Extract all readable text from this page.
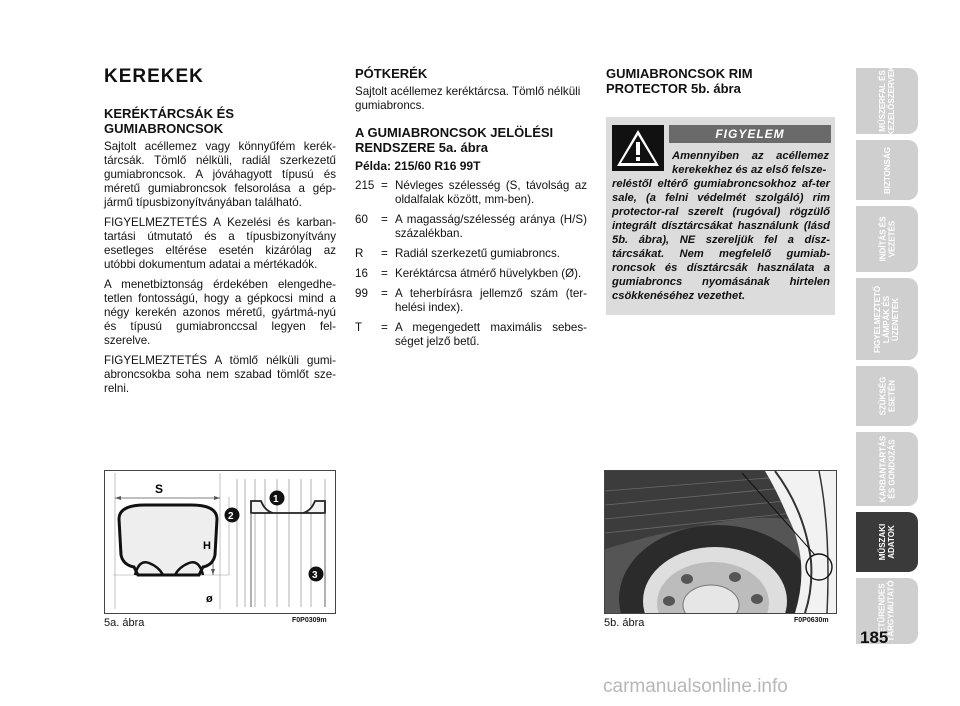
KEREKEK
KERÉKTÁRCSÁK ÉS GUMIABRONCSOK

Sajtolt acéllemez vagy könnyűfém kerék-tárcsák. Tömlő nélküli, radiál szerkezetű gumiabroncsok. A jóváhagyott típusú és méretű gumiabroncsok felsorolása a gép-jármű típusbizonyítványában található.

FIGYELMEZTETÉS A Kezelési és karban-tartási útmutató és a típusbizonyítvány esetleges eltérése esetén kizárólag az utóbbi dokumentum adatai a mértékadók.

A menetbiztonság érdekében elengedhe-tetlen fontosságú, hogy a gépkocsi mind a négy kerekén azonos méretű, gyártmá-nyú és típusú gumiabronccsal legyen fel-szerelve.

FIGYELMEZTETÉS A tömlő nélküli gumi-abroncsokba soha nem szabad tömlőt sze-relni.

PÓTKERÉK

Sajtolt acéllemez keréktárcsa. Tömlő nélküli gumiabroncs.

A GUMIABRONCSOK JELÖLÉSI RENDSZERE 5a. ábra
Példa: 215/60 R16 99T
215 = Névleges szélesség (S, távolság az oldalfalak között, mm-ben).
60	= A magasság/szélesség aránya (H/S) százalékban.
R	= Radiál szerkezetű gumiabroncs.
16	= Keréktárcsa átmérő hüvelykben (Ø).
99	= A teherbírásra jellemző szám (ter-helési index).
T	= A megengedett maximális sebes-séget jelző betű.
GUMIABRONCSOK RIM PROTECTOR 5b. ábra
FIGYELEM

Amennyiben az acéllemez kerekekhez és az első felsze-

reléstől eltérő gumiabroncsokhoz af-ter sale, (a felni védelmét szolgáló) rim protector-ral szerelt (rugóval) rögzülő integrált dísztárcsákat használunk (lásd 5b. ábra), NE szereljük fel a dísz-tárcsákat. Nem megfelelő gumiab-roncsok és dísztárcsák használata a gumiabroncs nyomásának hirtelen csökkenéséhez vezethet.

S
H
ø
1
2
3
5a. ábra	F0P0309m	5b. ábra	F0P0630m
MŰSZERFAL ÉS
KEZELŐSZERVEK
BIZTONSÁG
INDÍTÁS ÉS
VEZETÉS
FIGYELMEZTETŐ
LÁMPÁK ÉS
ÜZENETEK
SZÜKSÉG
ESETÉN
KARBANTARTÁS
ÉS GONDOZÁS
MŰSZAKI
ADATOK
BETŰRENDES
TÁRGYMUTATÓ
185
carmanualsonline.info
